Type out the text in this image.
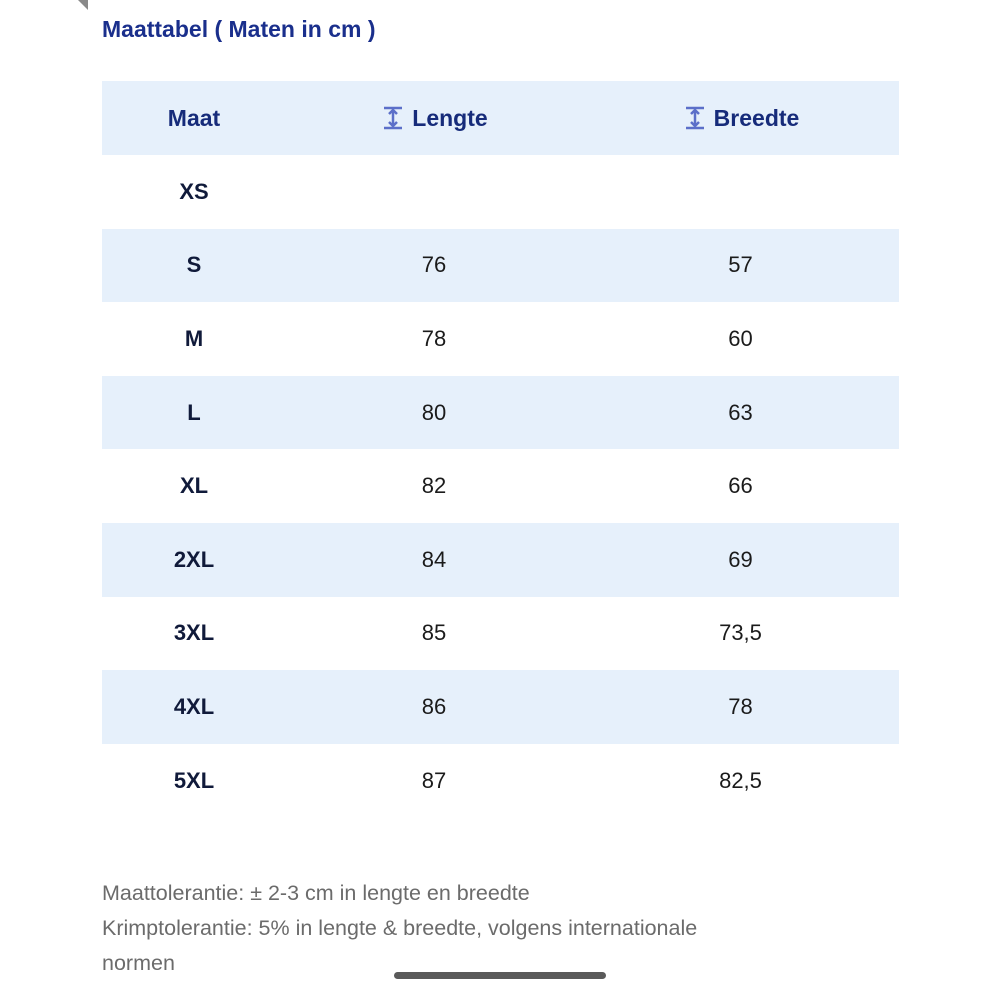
Maattabel ( Maten in cm )
Maat	Lengte	Breedte
XS
S	76	57
M	78	60
L	80	63
XL	82	66
2XL	84	69
3XL	85	73,5
4XL	86	78
5XL	87	82,5
Maattolerantie: ± 2-3 cm in lengte en breedte
Krimptolerantie: 5% in lengte & breedte, volgens internationale
normen
